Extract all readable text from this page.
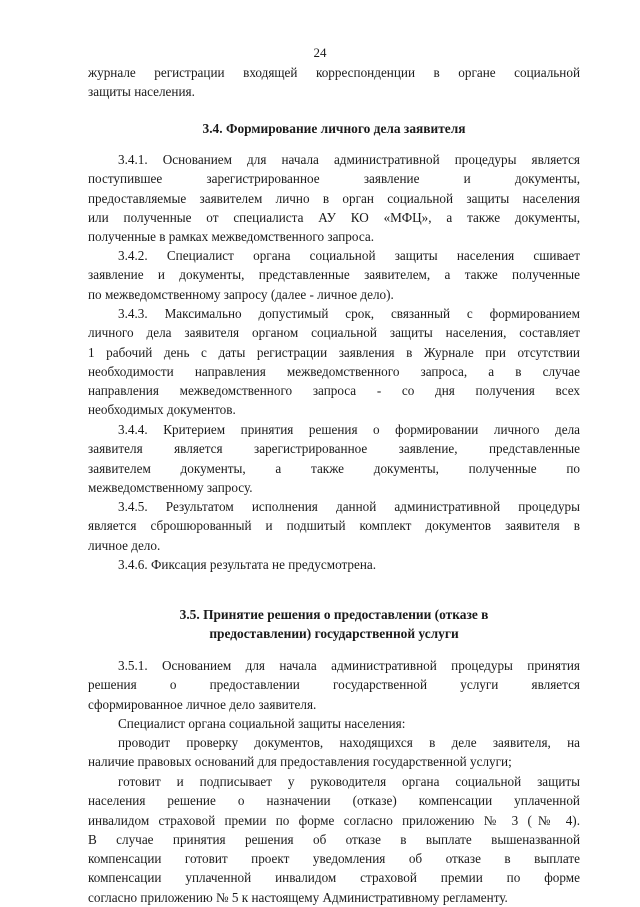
24

журнале регистрации входящей корреспонденции в органе социальной

защиты населения.

3.4. Формирование личного дела заявителя

3.4.1. Основанием для начала административной процедуры является

поступившее зарегистрированное заявление и документы,

предоставляемые заявителем лично в орган социальной защиты населения

или полученные от специалиста АУ КО «МФЦ», а также документы,

полученные в рамках межведомственного запроса.

3.4.2. Специалист органа социальной защиты населения сшивает

заявление и документы, представленные заявителем, а также полученные

по межведомственному запросу (далее - личное дело).

3.4.3. Максимально допустимый срок, связанный с формированием

личного дела заявителя органом социальной защиты населения, составляет

1 рабочий день с даты регистрации заявления в Журнале при отсутствии

необходимости направления межведомственного запроса, а в случае

направления межведомственного запроса - со дня получения всех

необходимых документов.

3.4.4. Критерием принятия решения о формировании личного дела

заявителя является зарегистрированное заявление, представленные

заявителем документы, а также документы, полученные по

межведомственному запросу.

3.4.5. Результатом исполнения данной административной процедуры

является сброшюрованный и подшитый комплект документов заявителя в

личное дело.

3.4.6. Фиксация результата не предусмотрена.

3.5. Принятие решения о предоставлении (отказе в

предоставлении) государственной услуги

3.5.1. Основанием для начала административной процедуры принятия

решения о предоставлении государственной услуги является

сформированное личное дело заявителя.

Специалист органа социальной защиты населения:

проводит проверку документов, находящихся в деле заявителя, на

наличие правовых оснований для предоставления государственной услуги;

готовит и подписывает у руководителя органа социальной защиты

населения решение о назначении (отказе) компенсации уплаченной

инвалидом страховой премии по форме согласно приложению № 3 (№ 4).

В случае принятия решения об отказе в выплате вышеназванной

компенсации готовит проект уведомления об отказе в выплате

компенсации уплаченной инвалидом страховой премии по форме

согласно приложению № 5 к настоящему Административному регламенту.
